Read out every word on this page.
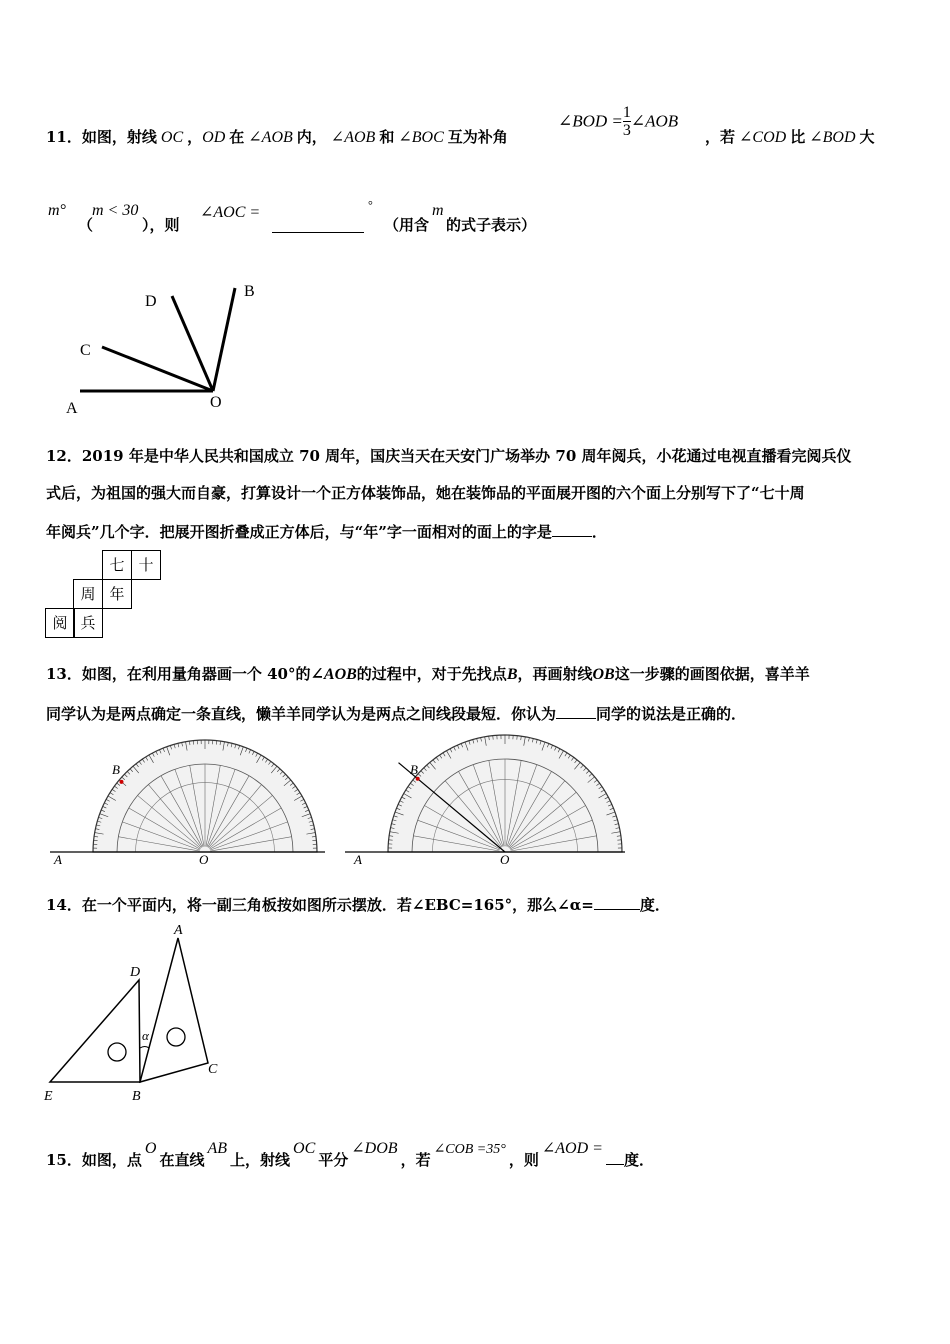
11．如图，射线 OC ，OD 在 ∠AOB 内， ∠AOB 和 ∠BOC 互为补角
∠BOD = $\frac{1}{3}$ ∠AOB
，若 ∠COD 比 ∠BOD 大
m°
（
m < 30
），则
∠AOC =	°
（用含
m
的式子表示）
A
C
D
B
O
12．2019 年是中华人民共和国成立 70 周年，国庆当天在天安门广场举办 70 周年阅兵，小花通过电视直播看完阅兵仪
式后，为祖国的强大而自豪，打算设计一个正方体装饰品，她在装饰品的平面展开图的六个面上分别写下了“七十周
年阅兵”几个字．把展开图折叠成正方体后，与“年”字一面相对的面上的字是	．
七 十
周 年
阅 兵
13．如图，在利用量角器画一个 40°的∠AOB的过程中，对于先找点B，再画射线OB这一步骤的画图依据，喜羊羊
同学认为是两点确定一条直线，懒羊羊同学认为是两点之间线段最短．你认为	同学的说法是正确的．
A
B
O	A
B
O
14．在一个平面内，将一副三角板按如图所示摆放．若∠EBC=165°，那么∠α=	度．
A
D
α
C
E	B
15．如图，点O在直线AB上，射线OC平分∠DOB，若∠COB =35°，则∠AOD =度．
